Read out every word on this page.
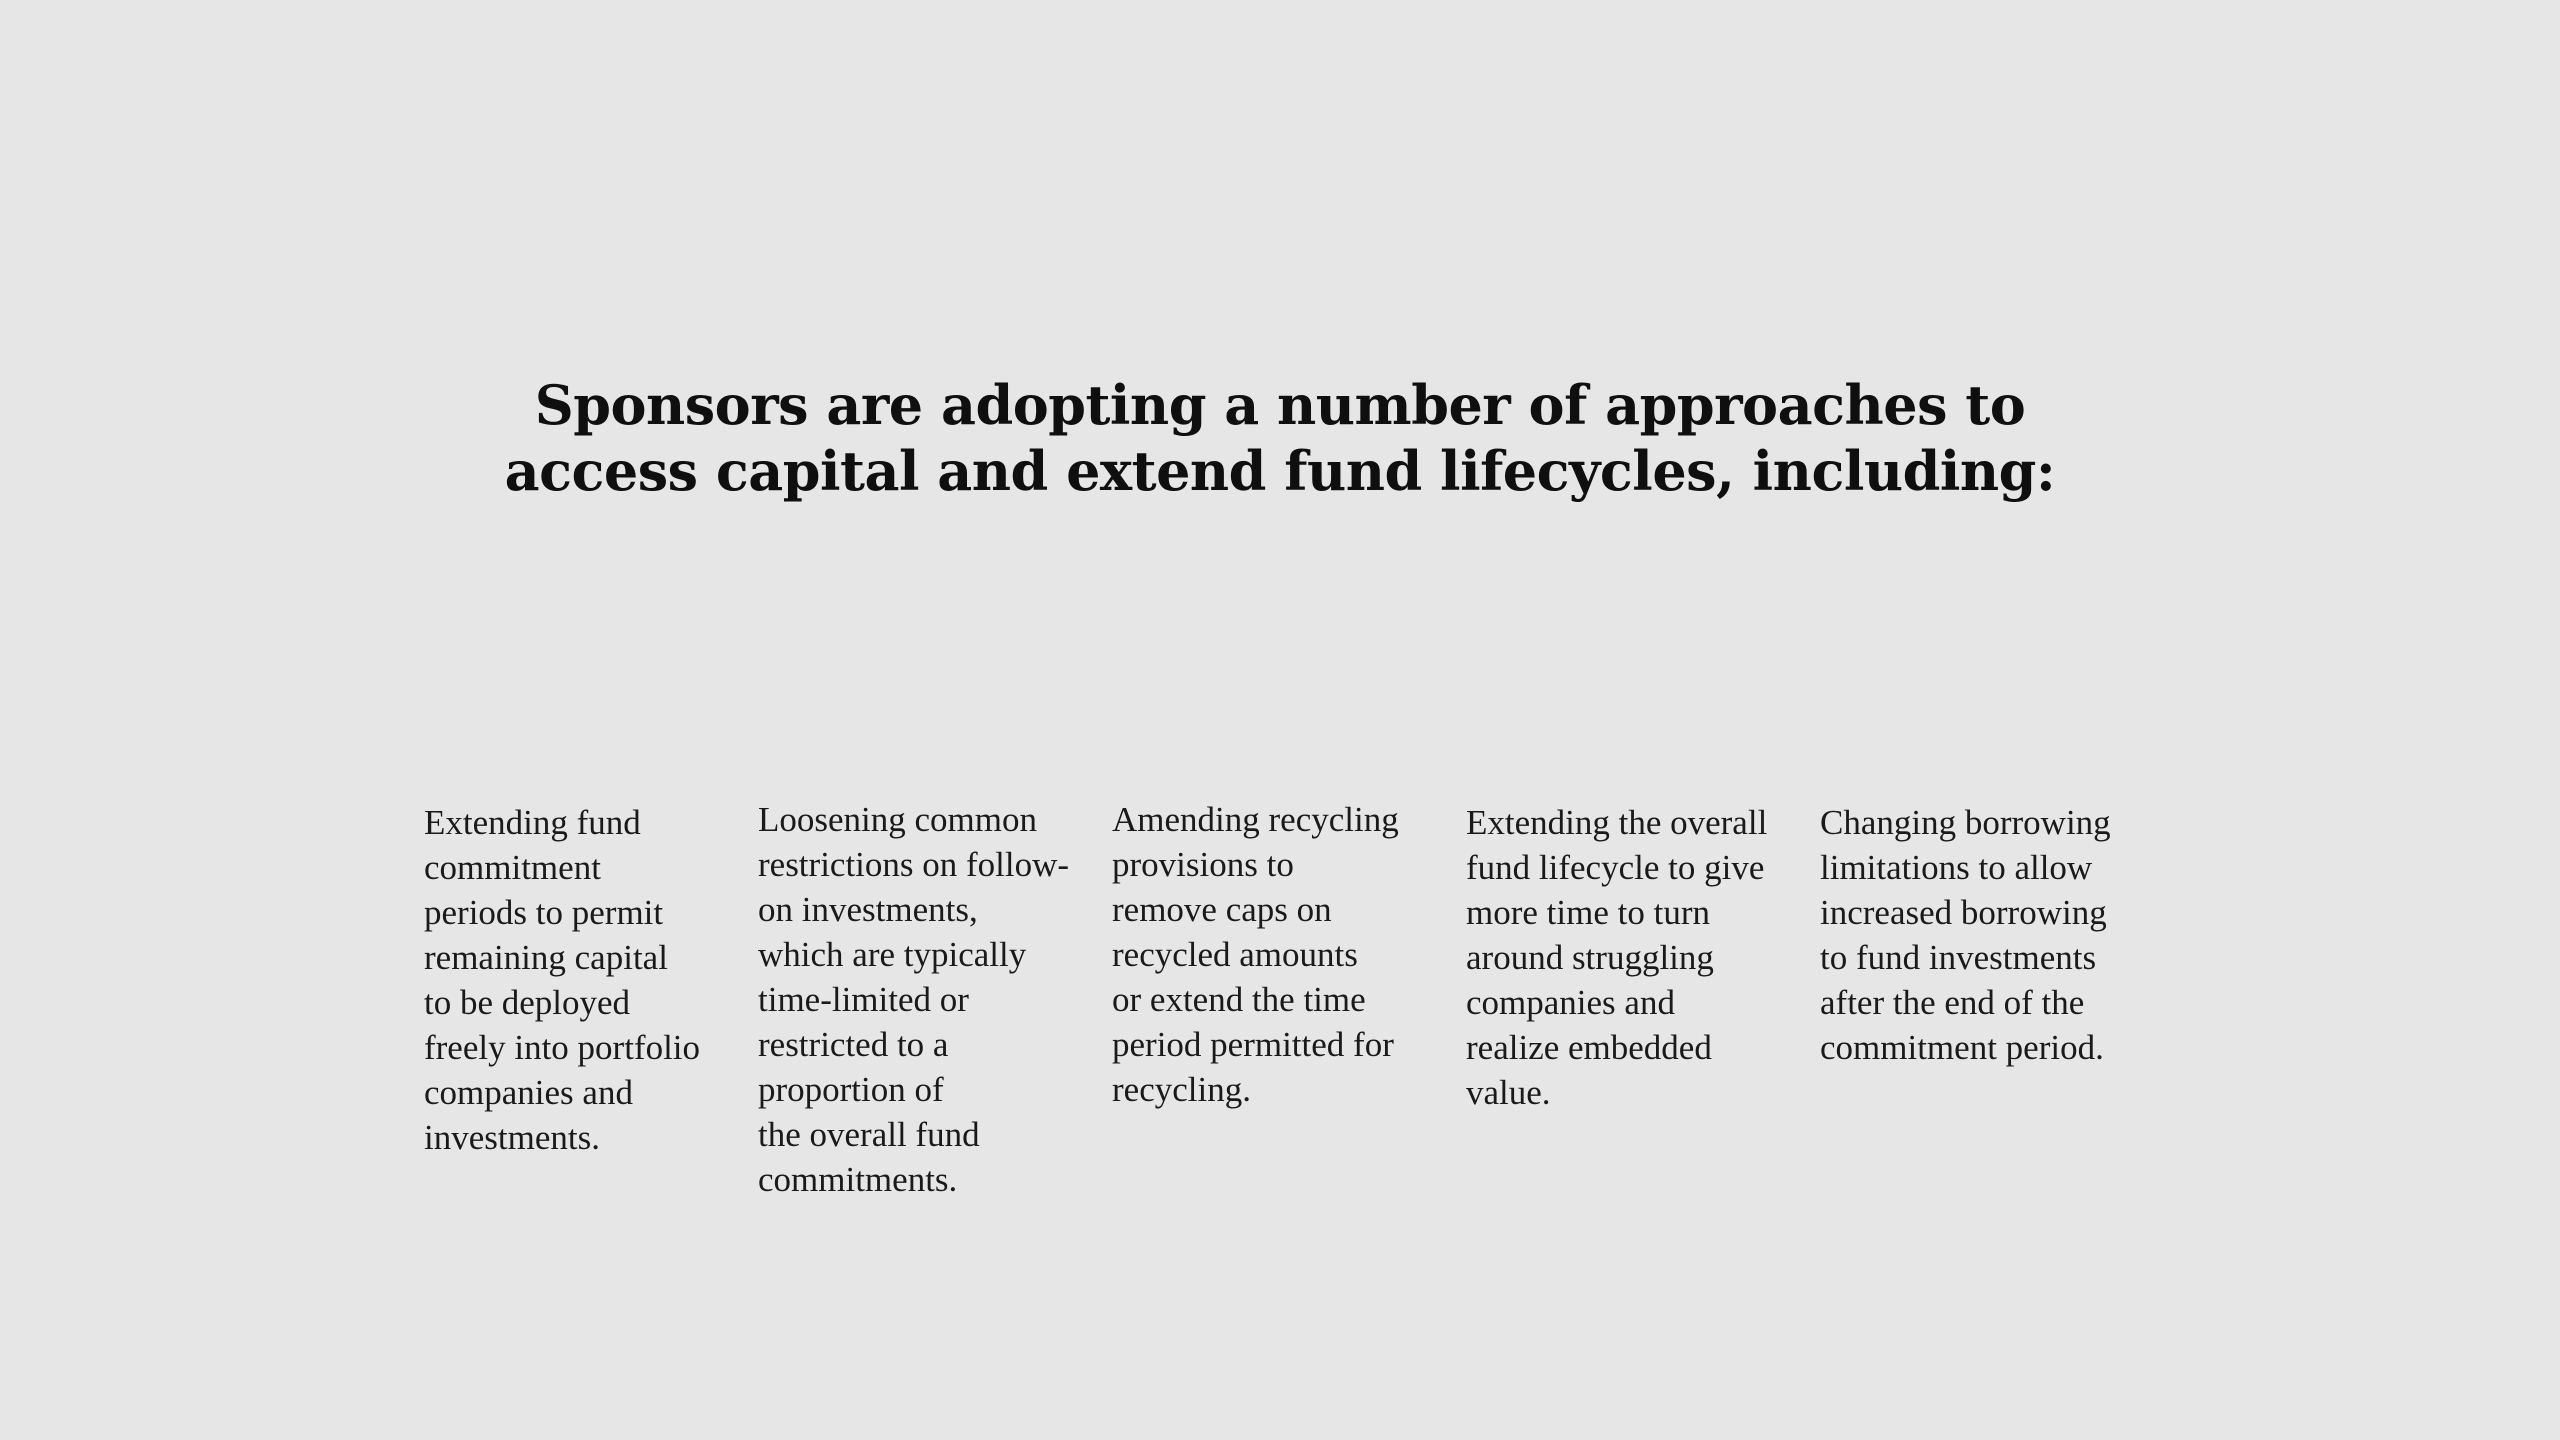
Sponsors are adopting a number of approaches to
access capital and extend fund lifecycles, including:
Extending fund
commitment
periods to permit
remaining capital
to be deployed
freely into portfolio
companies and
investments.
Loosening common
restrictions on follow-
on investments,
which are typically
time-limited or
restricted to a
proportion of
the overall fund
commitments.
Amending recycling
provisions to
remove caps on
recycled amounts
or extend the time
period permitted for
recycling.
Extending the overall
fund lifecycle to give
more time to turn
around struggling
companies and
realize embedded
value.
Changing borrowing
limitations to allow
increased borrowing
to fund investments
after the end of the
commitment period.
